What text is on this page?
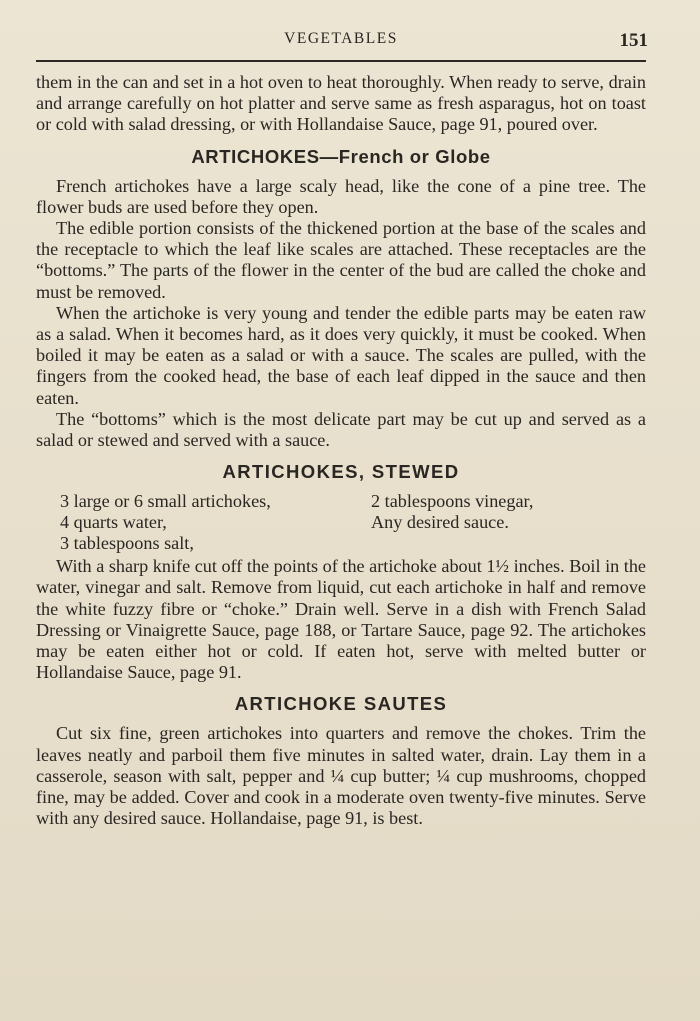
VEGETABLES	151

them in the can and set in a hot oven to heat thoroughly. When ready to serve, drain and arrange carefully on hot platter and serve same as fresh asparagus, hot on toast or cold with salad dressing, or with Hollandaise Sauce, page 91, poured over.

ARTICHOKES—French or Globe

French artichokes have a large scaly head, like the cone of a pine tree. The flower buds are used before they open.

The edible portion consists of the thickened portion at the base of the scales and the receptacle to which the leaf like scales are attached. These receptacles are the “bottoms.” The parts of the flower in the center of the bud are called the choke and must be removed.

When the artichoke is very young and tender the edible parts may be eaten raw as a salad. When it becomes hard, as it does very quickly, it must be cooked. When boiled it may be eaten as a salad or with a sauce. The scales are pulled, with the fingers from the cooked head, the base of each leaf dipped in the sauce and then eaten.

The “bottoms” which is the most delicate part may be cut up and served as a salad or stewed and served with a sauce.

ARTICHOKES, STEWED
3 large or 6 small artichokes,
4 quarts water,
3 tablespoons salt,
2 tablespoons vinegar,
Any desired sauce.

With a sharp knife cut off the points of the artichoke about 1½ inches. Boil in the water, vinegar and salt. Remove from liquid, cut each artichoke in half and remove the white fuzzy fibre or “choke.” Drain well. Serve in a dish with French Salad Dressing or Vinaigrette Sauce, page 188, or Tartare Sauce, page 92. The artichokes may be eaten either hot or cold. If eaten hot, serve with melted butter or Hollandaise Sauce, page 91.

ARTICHOKE SAUTES

Cut six fine, green artichokes into quarters and remove the chokes. Trim the leaves neatly and parboil them five minutes in salted water, drain. Lay them in a casserole, season with salt, pepper and ¼ cup butter; ¼ cup mushrooms, chopped fine, may be added. Cover and cook in a moderate oven twenty-five minutes. Serve with any desired sauce. Hollandaise, page 91, is best.
